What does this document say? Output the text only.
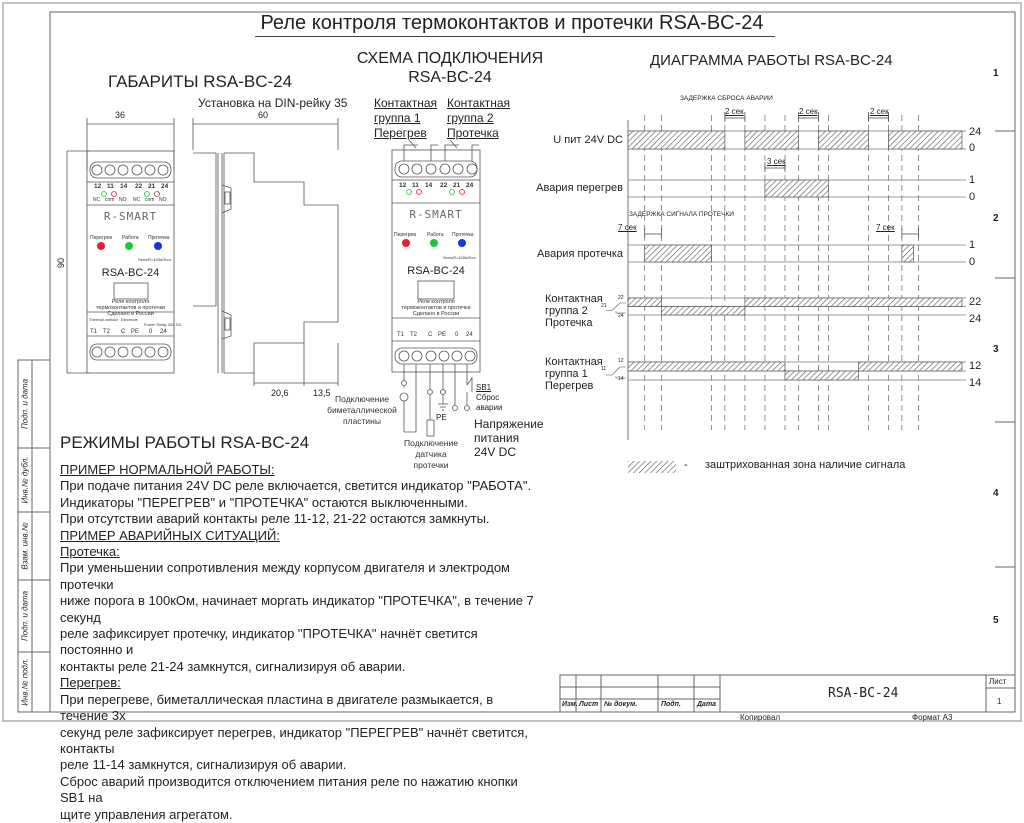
Реле контроля термоконтактов и протечки RSA-BC-24
1
2
3
4
5
Подп. и дата
Инв.№ дубл.
Взам. инв.№
Подп. и дата
Инв.№ подл.	Изм. Лист № докум.	Подп. Дата
RSA-BC-24
Лист
1
Копировал	Формат А3
ГАБАРИТЫ RSA-BC-24
Установка на DIN-рейку 35
36	60
90
20,6	13,5
12 11 14 22 21 24
NC com NO NC com NO
R-SMART
Перегрев Работа Протечка
Sens/R=100kOhm
RSA-BC-24
Реле контроля
термоконтактов и протечки
Сделано в России
Thermal contact Electrode
Power Relay 24V DC
T1 T2 C PE 0 24
СХЕМА ПОДКЛЮЧЕНИЯ
RSA-BC-24
Контактная
группа 1
Перегрев
Контактная
группа 2
Протечка
12 11 14 22 21 24
R-SMART
Перегрев Работа Протечка
Sens/R=100kOhm
RSA-BC-24
Реле контроля
термоконтактов и протечки
Сделано в России
T1 T2 C PE 0 24
Подключение
биметаллической
пластины
Подключение
датчика
протечки
PE
SB1
Сброс
аварии
Напряжение
питания
24V DC
РЕЖИМЫ РАБОТЫ RSA-BC-24
ПРИМЕР НОРМАЛЬНОЙ РАБОТЫ:
При подаче питания 24V DC реле включается, светится индикатор "РАБОТА".
Индикаторы "ПЕРЕГРЕВ" и "ПРОТЕЧКА" остаются выключенными.
При отсутствии аварий контакты реле 11-12, 21-22 остаются замкнуты.
ПРИМЕР АВАРИЙНЫХ СИТУАЦИЙ:
Протечка:
При уменьшении сопротивления между корпусом двигателя и электродом протечки
ниже порога в 100кОм, начинает моргать индикатор "ПРОТЕЧКА", в течение 7 секунд
реле зафиксирует протечку, индикатор "ПРОТЕЧКА" начнёт светится постоянно и
контакты реле 21-24 замкнутся, сигнализируя об аварии.
Перегрев:
При перегреве, биметаллическая пластина в двигателе размыкается, в течение 3х
секунд реле зафиксирует перегрев, индикатор "ПЕРЕГРЕВ" начнёт светится, контакты
реле 11-14 замкнутся, сигнализируя об аварии.
Сброс аварий производится отключением питания реле по нажатию кнопки SB1 на
щите управления агрегатом.
ДИАГРАММА РАБОТЫ RSA-BC-24
ЗАДЕРЖКА СБРОСА АВАРИИ
ЗАДЕРЖКА СИГНАЛА ПРОТЕЧКИ
U пит 24V DC
Авария перегрев
Авария протечка
Контактная
группа 2
Протечка
Контактная
группа 1
Перегрев
21
22
24
11
12
14
24
0
1
0
1
0
22
24
12
14
2 сек	2 сек	2 сек
3 сек
7 сек	7 сек
- заштрихованная зона наличие сигнала
